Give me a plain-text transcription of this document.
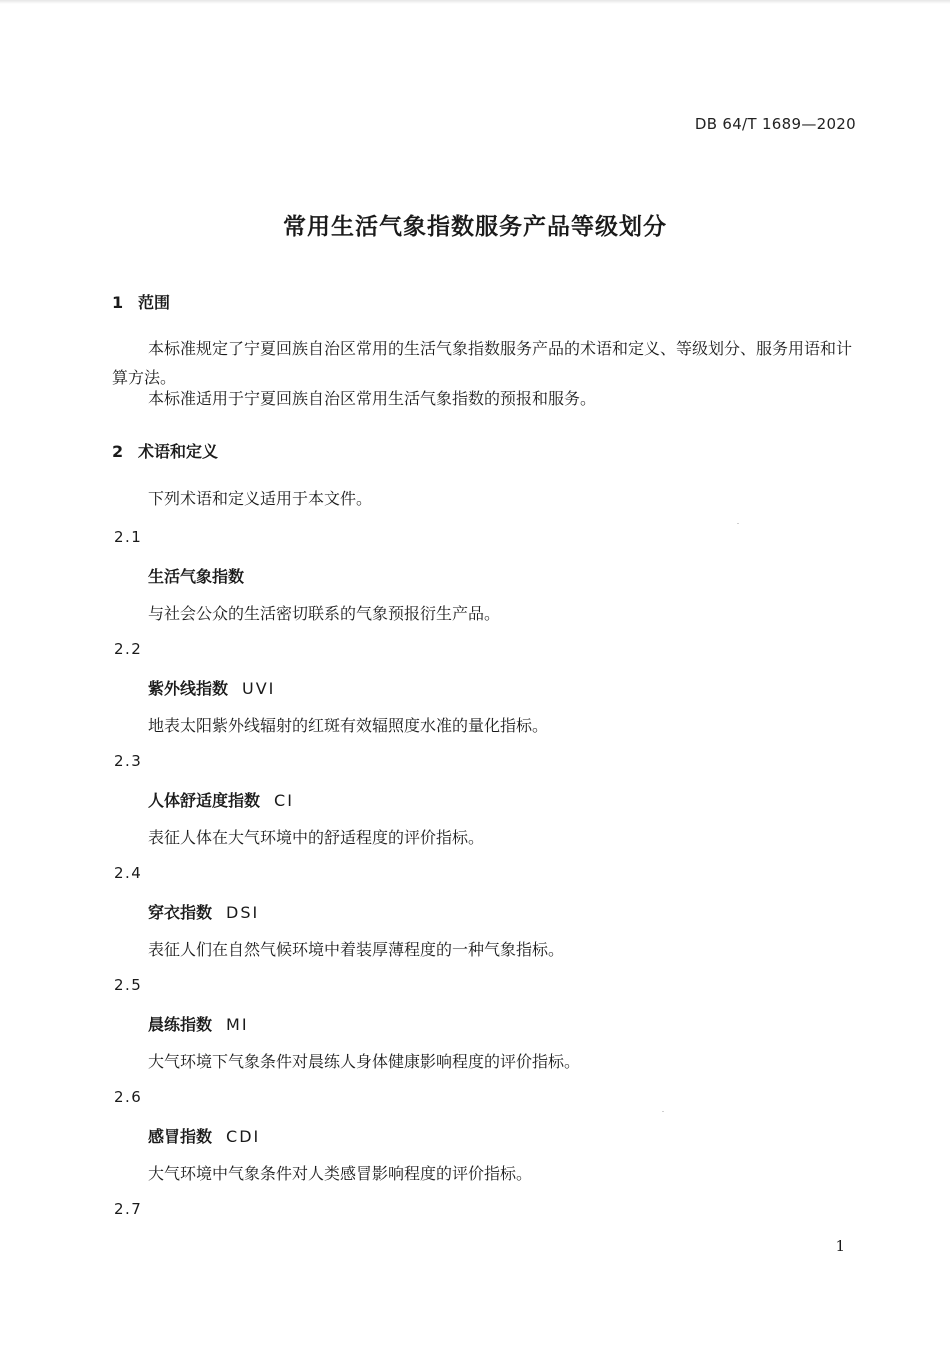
DB 64/T 1689—2020
常用生活气象指数服务产品等级划分
1 范围
本标准规定了宁夏回族自治区常用的生活气象指数服务产品的术语和定义、等级划分、服务用语和计算方法。
本标准适用于宁夏回族自治区常用生活气象指数的预报和服务。
2 术语和定义
下列术语和定义适用于本文件。
2.1
生活气象指数
与社会公众的生活密切联系的气象预报衍生产品。
2.2
紫外线指数 UVI
地表太阳紫外线辐射的红斑有效辐照度水准的量化指标。
2.3
人体舒适度指数 CI
表征人体在大气环境中的舒适程度的评价指标。
2.4
穿衣指数 DSI
表征人们在自然气候环境中着装厚薄程度的一种气象指标。
2.5
晨练指数 MI
大气环境下气象条件对晨练人身体健康影响程度的评价指标。
2.6
感冒指数 CDI
大气环境中气象条件对人类感冒影响程度的评价指标。
2.7
1
